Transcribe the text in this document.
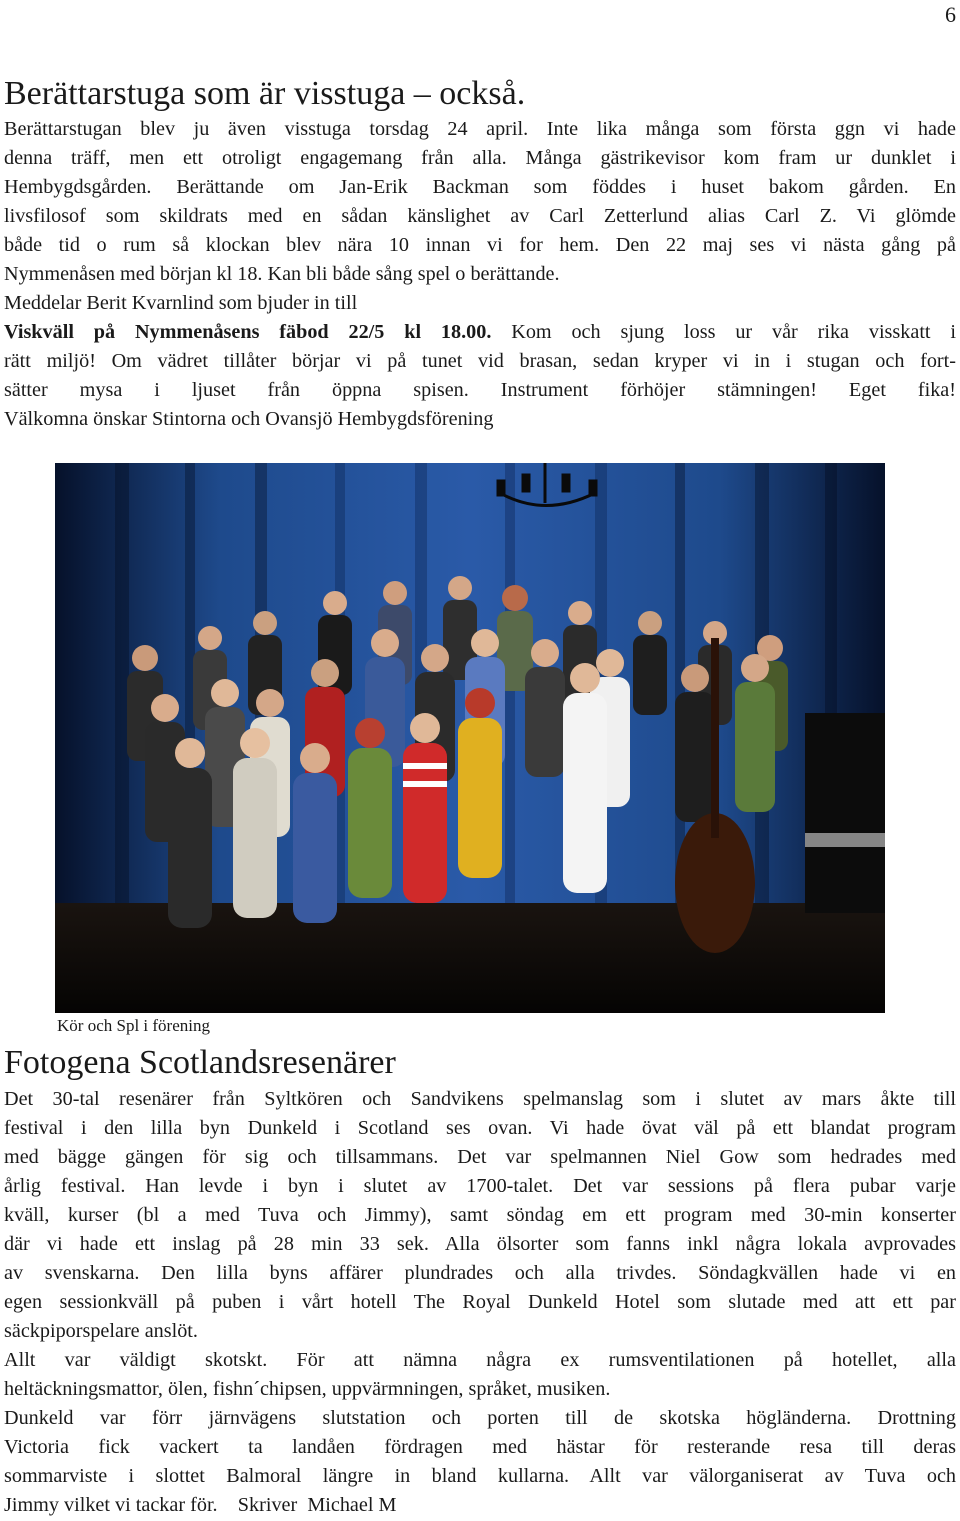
6
Berättarstuga som är visstuga – också.
Berättarstugan blev ju även visstuga torsdag 24 april. Inte lika många som första ggn vi hade
denna träff, men ett otroligt engagemang från alla. Många gästrikevisor kom fram ur dunklet i
Hembygdsgården. Berättande om Jan-Erik Backman som föddes i huset bakom gården. En
livsfilosof som skildrats med en sådan känslighet av Carl Zetterlund alias Carl Z. Vi glömde
både tid o rum så klockan blev nära 10 innan vi for hem. Den 22 maj ses vi nästa gång på
Nymmenåsen med början kl 18. Kan bli både sång spel o berättande.
Meddelar Berit Kvarnlind som bjuder in till
Viskväll på Nymmenåsens fäbod 22/5 kl 18.00. Kom och sjung loss ur vår rika visskatt i
rätt miljö! Om vädret tillåter börjar vi på tunet vid brasan, sedan kryper vi in i stugan och fort-
sätter mysa i ljuset från öppna spisen. Instrument förhöjer stämningen! Eget fika!
Välkomna önskar Stintorna och Ovansjö Hembygdsförening
Kör och Spl i förening
Fotogena Scotlandsresenärer
Det 30-tal resenärer från Syltkören och Sandvikens spelmanslag som i slutet av mars åkte till
festival i den lilla byn Dunkeld i Scotland ses ovan. Vi hade övat väl på ett blandat program
med bägge gängen för sig och tillsammans. Det var spelmannen Niel Gow som hedrades med
årlig festival. Han levde i byn i slutet av 1700-talet. Det var sessions på flera pubar varje
kväll, kurser (bl a med Tuva och Jimmy), samt söndag em ett program med 30-min konserter
där vi hade ett inslag på 28 min 33 sek. Alla ölsorter som fanns inkl några lokala avprovades
av svenskarna. Den lilla byns affärer plundrades och alla trivdes. Söndagkvällen hade vi en
egen sessionkväll på puben i vårt hotell The Royal Dunkeld Hotel som slutade med att ett par
säckpiporspelare anslöt.
Allt var väldigt skotskt. För att nämna några ex rumsventilationen på hotellet, alla
heltäckningsmattor, ölen, fishn´chipsen, uppvärmningen, språket, musiken.
Dunkeld var förr järnvägens slutstation och porten till de skotska högländerna. Drottning
Victoria fick vackert ta landåen fördragen med hästar för resterande resa till deras
sommarviste i slottet Balmoral längre in bland kullarna. Allt var välorganiserat av Tuva och
Jimmy vilket vi tackar för.    Skriver  Michael M
